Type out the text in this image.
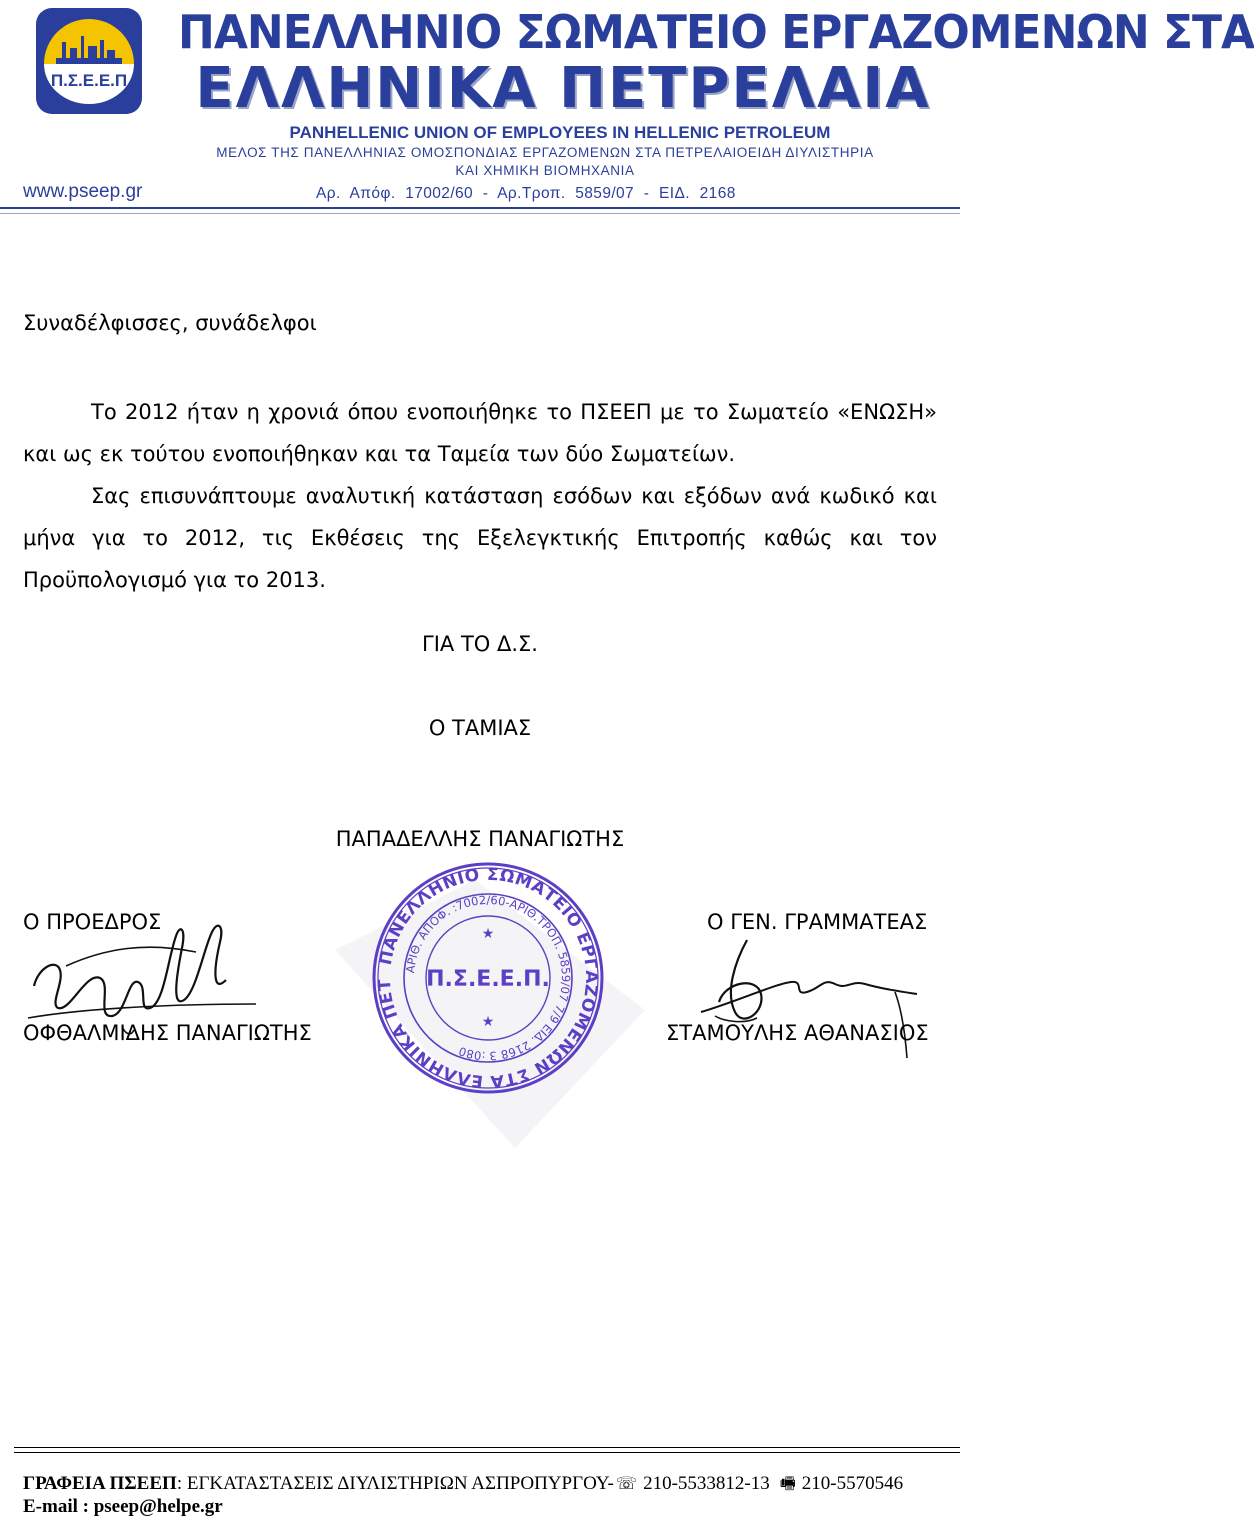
Π.Σ.Ε.Ε.Π
ΠΑΝΕΛΛΗΝΙΟ ΣΩΜΑΤΕΙΟ ΕΡΓΑΖΟΜΕΝΩΝ ΣΤΑ
ΕΛΛΗΝΙΚΑ ΠΕΤΡΕΛΑΙΑ
PANHELLENIC UNION OF EMPLOYEES IN HELLENIC PETROLEUM
ΜΕΛΟΣ ΤΗΣ ΠΑΝΕΛΛΗΝΙΑΣ ΟΜΟΣΠΟΝΔΙΑΣ ΕΡΓΑΖΟΜΕΝΩΝ ΣΤΑ ΠΕΤΡΕΛΑΙΟΕΙΔΗ ΔΙΥΛΙΣΤΗΡΙΑ
ΚΑΙ ΧΗΜΙΚΗ ΒΙΟΜΗΧΑΝΙΑ
www.pseep.gr	Αρ. Απόφ. 17002/60 - Αρ.Τροπ. 5859/07 - ΕΙΔ. 2168
Συναδέλφισσες, συνάδελφοι

Το 2012 ήταν η χρονιά όπου ενοποιήθηκε το ΠΣΕΕΠ με το Σωματείο «ΕΝΩΣΗ» και ως εκ τούτου ενοποιήθηκαν και τα Ταμεία των δύο Σωματείων.

Σας επισυνάπτουμε αναλυτική κατάσταση εσόδων και εξόδων ανά κωδικό και μήνα για το 2012, τις Εκθέσεις της Εξελεγκτικής Επιτροπής καθώς και τον Προϋπολογισμό για το 2013.

ΓΙΑ ΤΟ Δ.Σ.
Ο ΤΑΜΙΑΣ
ΠΑΠΑΔΕΛΛΗΣ ΠΑΝΑΓΙΩΤΗΣ
ΠΑΝΕΛΛΗΝΙΟ ΣΩΜΑΤΕΙΟ ΕΡΓΑΖΟΜΕΝΩΝ ΣΤΑ ΕΛΛΗΝΙΚΑ ΠΕΤ
ΑΡΙΘ. ΑΠΟΦ. :7002/60-ΑΡΙΘ.ΤΡΟΠ. 5859/07 7/9 ΕΙΔ. 2168 3 :080
Π.Σ.Ε.Ε.Π.
★
★
Ο ΠΡΟΕΔΡΟΣ	Ο ΓΕΝ. ΓΡΑΜΜΑΤΕΑΣ
ΟΦΘΑΛΜΙΔΗΣ ΠΑΝΑΓΙΩΤΗΣ	ΣΤΑΜΟΥΛΗΣ ΑΘΑΝΑΣΙΟΣ
ΓΡΑΦΕΙΑ ΠΣΕΕΠ: ΕΓΚΑΤΑΣΤΑΣΕΙΣ ΔΙΥΛΙΣΤΗΡΙΩΝ ΑΣΠΡΟΠΥΡΓΟΥ- ☏ 210-5533812-13 🖷 210-5570546
E-mail : pseep@helpe.gr
